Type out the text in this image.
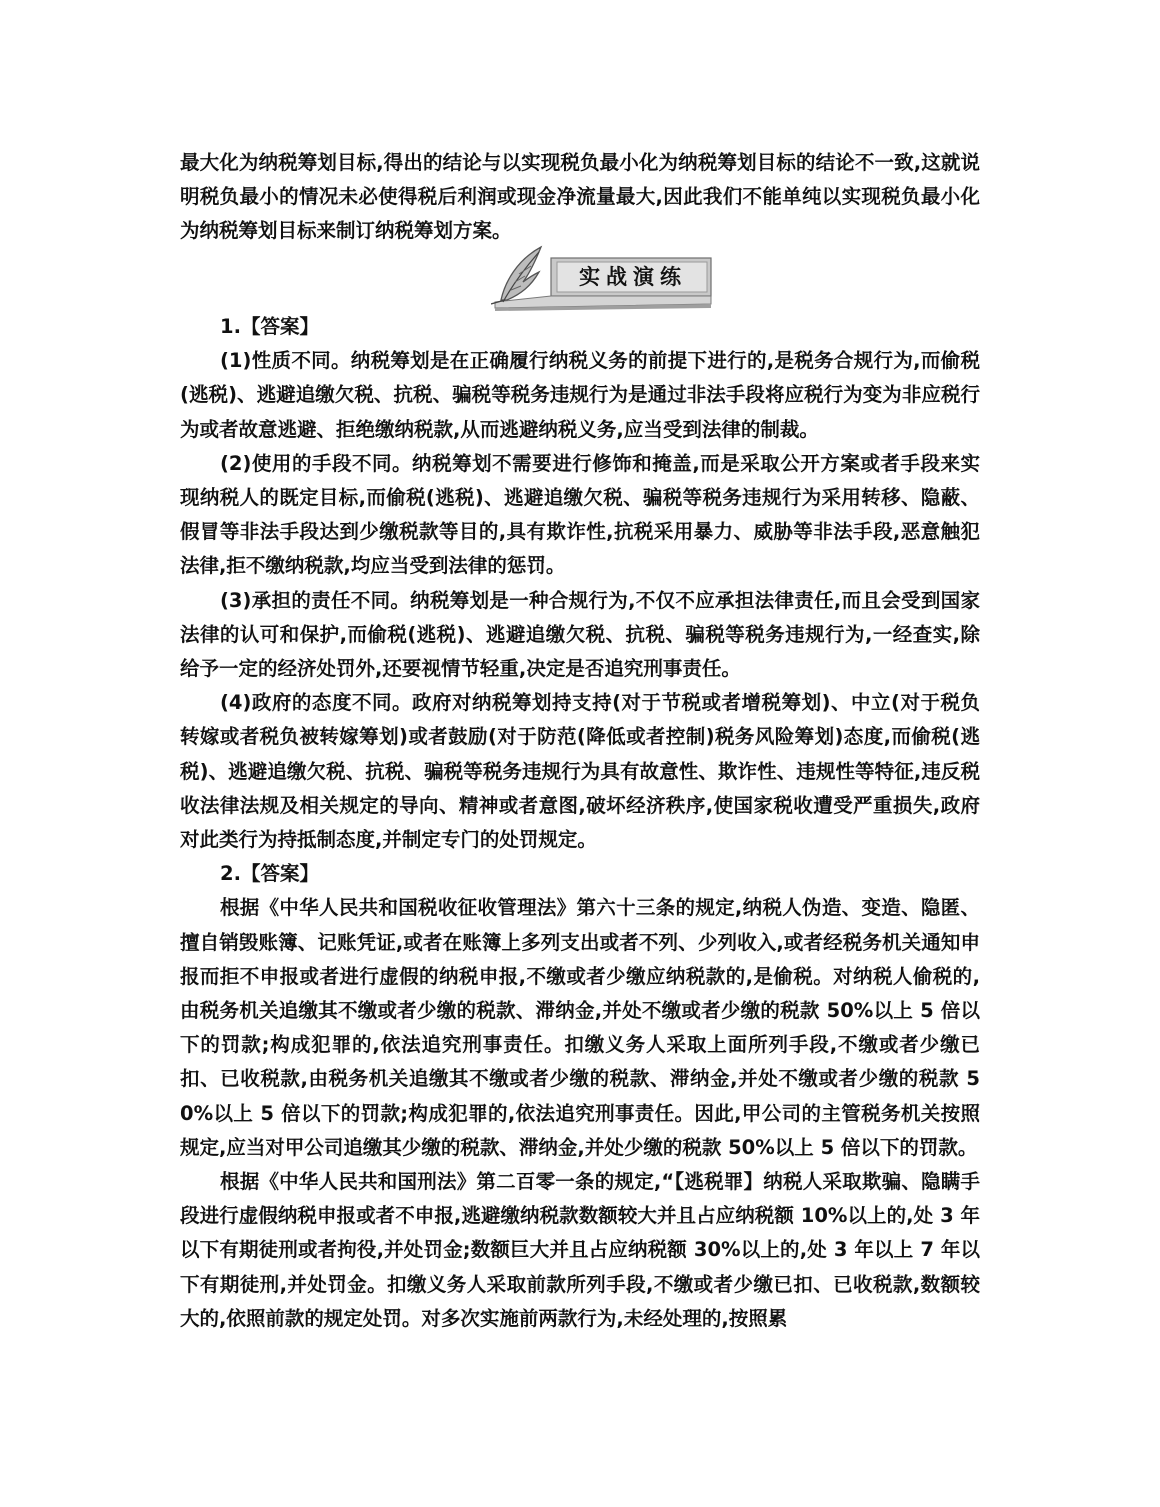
最大化为纳税筹划目标,得出的结论与以实现税负最小化为纳税筹划目标的结论不一致,这就说明税负最小的情况未必使得税后利润或现金净流量最大,因此我们不能单纯以实现税负最小化为纳税筹划目标来制订纳税筹划方案。

实战演练

1.【答案】

(1)性质不同。纳税筹划是在正确履行纳税义务的前提下进行的,是税务合规行为,而偷税(逃税)、逃避追缴欠税、抗税、骗税等税务违规行为是通过非法手段将应税行为变为非应税行为或者故意逃避、拒绝缴纳税款,从而逃避纳税义务,应当受到法律的制裁。

(2)使用的手段不同。纳税筹划不需要进行修饰和掩盖,而是采取公开方案或者手段来实现纳税人的既定目标,而偷税(逃税)、逃避追缴欠税、骗税等税务违规行为采用转移、隐蔽、假冒等非法手段达到少缴税款等目的,具有欺诈性,抗税采用暴力、威胁等非法手段,恶意触犯法律,拒不缴纳税款,均应当受到法律的惩罚。

(3)承担的责任不同。纳税筹划是一种合规行为,不仅不应承担法律责任,而且会受到国家法律的认可和保护,而偷税(逃税)、逃避追缴欠税、抗税、骗税等税务违规行为,一经查实,除给予一定的经济处罚外,还要视情节轻重,决定是否追究刑事责任。

(4)政府的态度不同。政府对纳税筹划持支持(对于节税或者增税筹划)、中立(对于税负转嫁或者税负被转嫁筹划)或者鼓励(对于防范(降低或者控制)税务风险筹划)态度,而偷税(逃税)、逃避追缴欠税、抗税、骗税等税务违规行为具有故意性、欺诈性、违规性等特征,违反税收法律法规及相关规定的导向、精神或者意图,破坏经济秩序,使国家税收遭受严重损失,政府对此类行为持抵制态度,并制定专门的处罚规定。

2.【答案】

根据《中华人民共和国税收征收管理法》第六十三条的规定,纳税人伪造、变造、隐匿、擅自销毁账簿、记账凭证,或者在账簿上多列支出或者不列、少列收入,或者经税务机关通知申报而拒不申报或者进行虚假的纳税申报,不缴或者少缴应纳税款的,是偷税。对纳税人偷税的,由税务机关追缴其不缴或者少缴的税款、滞纳金,并处不缴或者少缴的税款 50%以上 5 倍以下的罚款;构成犯罪的,依法追究刑事责任。扣缴义务人采取上面所列手段,不缴或者少缴已扣、已收税款,由税务机关追缴其不缴或者少缴的税款、滞纳金,并处不缴或者少缴的税款 50%以上 5 倍以下的罚款;构成犯罪的,依法追究刑事责任。因此,甲公司的主管税务机关按照规定,应当对甲公司追缴其少缴的税款、滞纳金,并处少缴的税款 50%以上 5 倍以下的罚款。

根据《中华人民共和国刑法》第二百零一条的规定,“【逃税罪】纳税人采取欺骗、隐瞒手段进行虚假纳税申报或者不申报,逃避缴纳税款数额较大并且占应纳税额 10%以上的,处 3 年以下有期徒刑或者拘役,并处罚金;数额巨大并且占应纳税额 30%以上的,处 3 年以上 7 年以下有期徒刑,并处罚金。扣缴义务人采取前款所列手段,不缴或者少缴已扣、已收税款,数额较大的,依照前款的规定处罚。对多次实施前两款行为,未经处理的,按照累
